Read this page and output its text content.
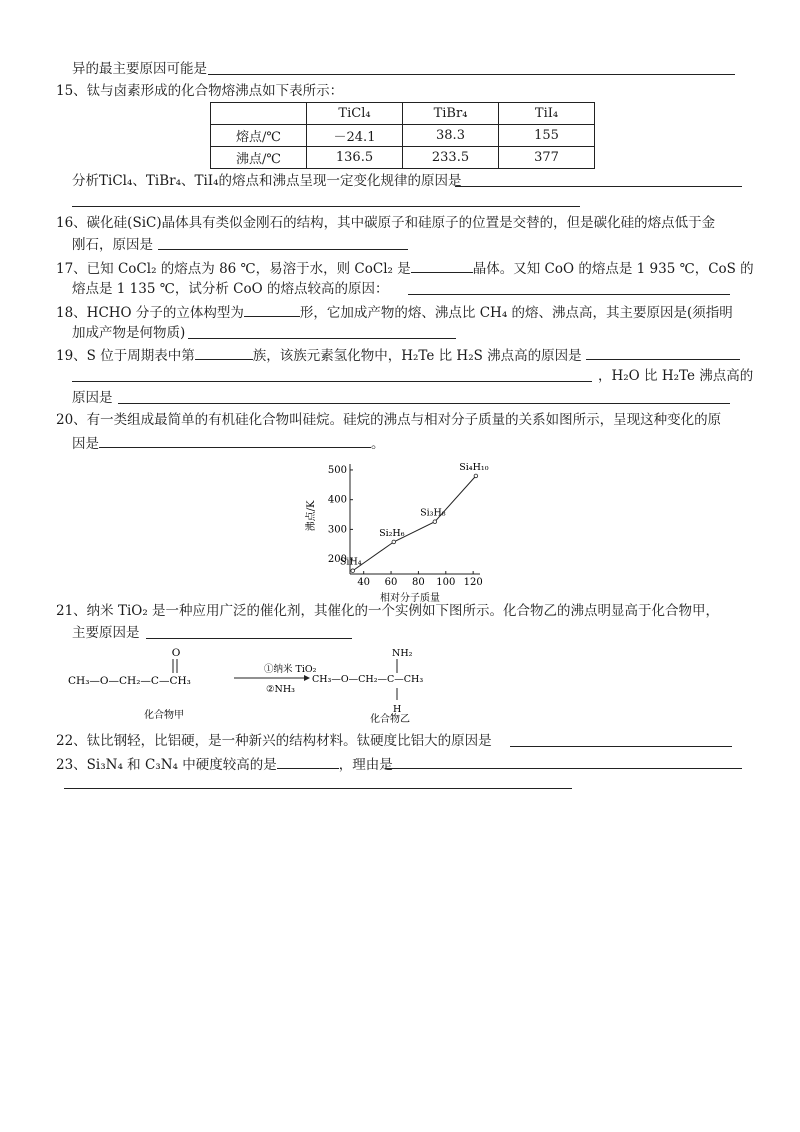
异的最主要原因可能是
15、钛与卤素形成的化合物熔沸点如下表所示：
	TiCl₄	TiBr₄	TiI₄
熔点/℃	－24.1	38.3	155
沸点/℃	136.5	233.5	377
分析TiCl₄、TiBr₄、TiI₄的熔点和沸点呈现一定变化规律的原因是
16、碳化硅(SiC)晶体具有类似金刚石的结构，其中碳原子和硅原子的位置是交替的，但是碳化硅的熔点低于金
刚石，原因是
17、已知 CoCl₂ 的熔点为 86 ℃，易溶于水，则 CoCl₂ 是	晶体。又知 CoO 的熔点是 1 935 ℃，CoS 的
熔点是 1 135 ℃，试分析 CoO 的熔点较高的原因：
18、HCHO 分子的立体构型为	形，它加成产物的熔、沸点比 CH₄ 的熔、沸点高，其主要原因是(须指明
加成产物是何物质)
19、S 位于周期表中第	族，该族元素氢化物中，H₂Te 比 H₂S 沸点高的原因是
，H₂O 比 H₂Te 沸点高的
原因是
20、有一类组成最简单的有机硅化合物叫硅烷。硅烷的沸点与相对分子质量的关系如图所示，呈现这种变化的原
因是	。
40 60 80 100 120
200
300
400
500
SiH₄
Si₂H₆
Si₃H₈
Si₄H₁₀
相对分子质量
沸点/K
21、纳米 TiO₂ 是一种应用广泛的催化剂，其催化的一个实例如下图所示。化合物乙的沸点明显高于化合物甲，
主要原因是
O
CH₃—O—CH₂—C—CH₃
①纳米 TiO₂
②NH₃
NH₂
CH₃—O—CH₂—C—CH₃
H
化合物甲	化合物乙
22、钛比钢轻，比铝硬，是一种新兴的结构材料。钛硬度比铝大的原因是
23、Si₃N₄ 和 C₃N₄ 中硬度较高的是	，理由是
